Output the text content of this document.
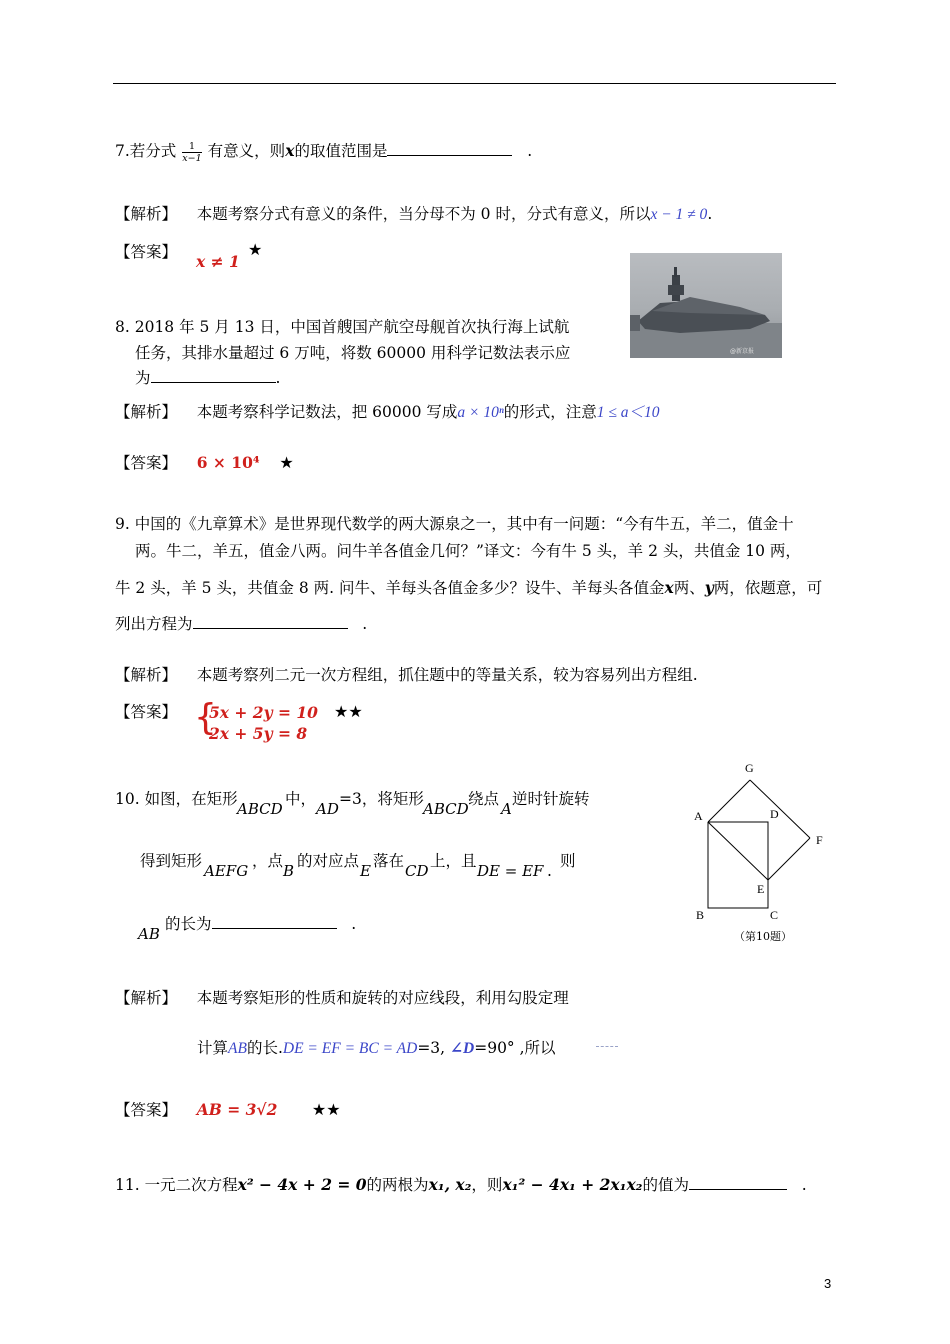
7.若分式 $\frac{1}{x-1}$ 有意义，则x的取值范围是	.
【解析】 本题考察分式有意义的条件，当分母不为 0 时，分式有意义，所以x − 1 ≠ 0.
【答案】 x ≠ 1
★
@新京报
8. 2018 年 5 月 13 日，中国首艘国产航空母舰首次执行海上试航
任务，其排水量超过 6 万吨，将数 60000 用科学记数法表示应
为	.
【解析】 本题考察科学记数法，把 60000 写成a × 10ⁿ的形式，注意1 ≤ a＜10
【答案】 6 × 10⁴ ★
9. 中国的《九章算术》是世界现代数学的两大源泉之一，其中有一问题：“今有牛五，羊二，值金十
两。牛二，羊五，值金八两。问牛羊各值金几何？”译文：今有牛 5 头，羊 2 头，共值金 10 两，
牛 2 头，羊 5 头，共值金 8 两. 问牛、羊每头各值金多少？设牛、羊每头各值金x两、y两，依题意，可
列出方程为	.
【解析】 本题考察列二元一次方程组，抓住题中的等量关系，较为容易列出方程组.
【答案】 {
5x + 2y = 10
2x + 5y = 8
★★
10. 如图，在矩形
ABCD
中，
AD
=3，将矩形
ABCD
绕点
A
逆时针旋转
得到矩形
AEFG
，点
B
的对应点
E
落在
CD
上，且
DE = EF .
则
AB
的长为	.
G
A	D
F
E
B	C
（第10题）
【解析】 本题考察矩形的性质和旋转的对应线段，利用勾股定理
计算AB的长.DE = EF = BC = AD=3, ∠D=90° ,所以
【答案】 AB = 3√2 ★★
11. 一元二次方程x² − 4x + 2 = 0的两根为x₁, x₂，则x₁² − 4x₁ + 2x₁x₂的值为	.
3
